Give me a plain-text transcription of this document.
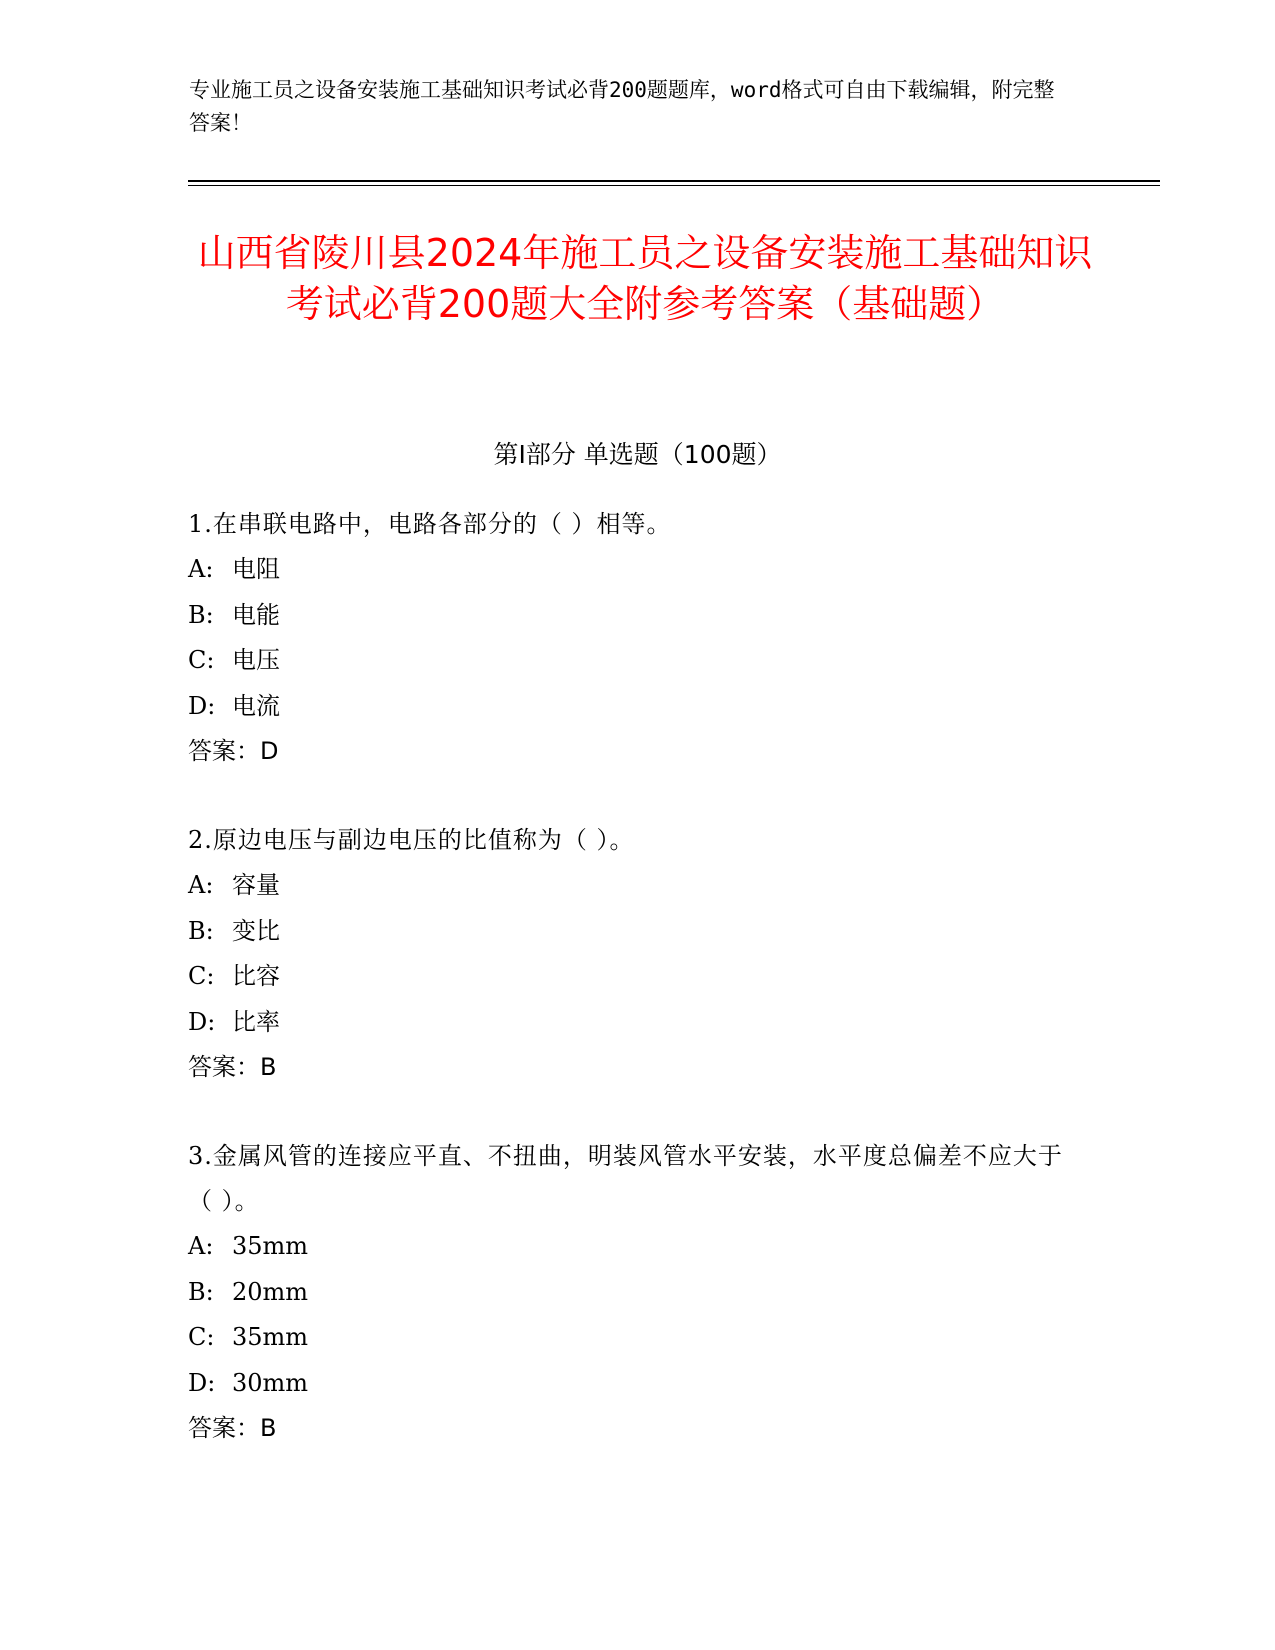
专业施工员之设备安装施工基础知识考试必背200题题库，word格式可自由下载编辑，附完整答案！
山西省陵川县2024年施工员之设备安装施工基础知识考试必背200题大全附参考答案（基础题）
第Ⅰ部分 单选题（100题）
1.在串联电路中，电路各部分的（ ）相等。
A: 电阻
B: 电能
C: 电压
D: 电流
答案：D
2.原边电压与副边电压的比值称为（ ）。
A: 容量
B: 变比
C: 比容
D: 比率
答案：B
3.金属风管的连接应平直、不扭曲，明装风管水平安装，水平度总偏差不应大于（ ）。
A: 35mm
B: 20mm
C: 35mm
D: 30mm
答案：B
